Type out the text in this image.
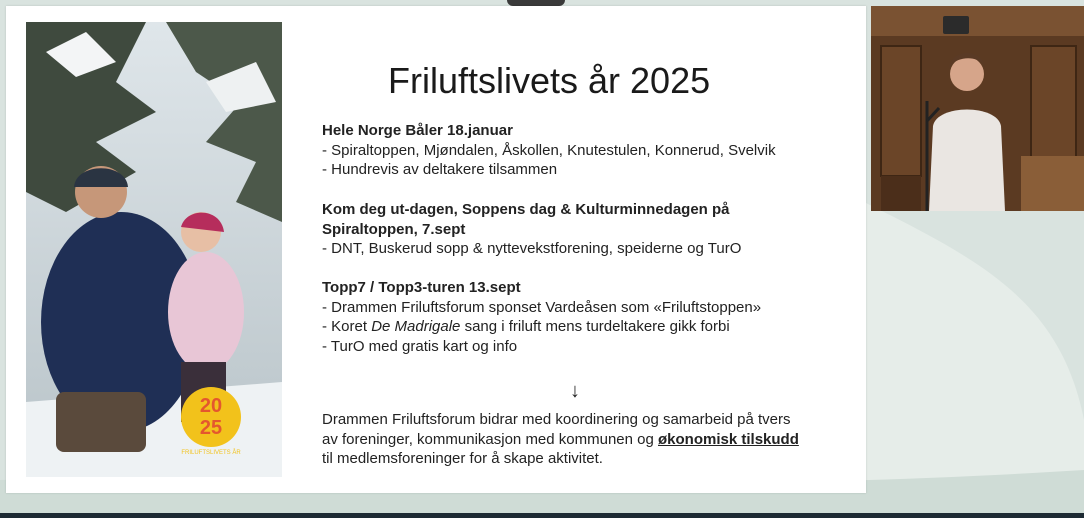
20
25
FRILUFTSLIVETS ÅR
Friluftslivets år 2025
Hele Norge Båler 18.januar
- Spiraltoppen, Mjøndalen, Åskollen, Knutestulen, Konnerud, Svelvik
- Hundrevis av deltakere tilsammen
Kom deg ut-dagen, Soppens dag & Kulturminnedagen på
Spiraltoppen, 7.sept
- DNT, Buskerud sopp & nyttevekstforening, speiderne og TurO
Topp7 / Topp3-turen 13.sept
- Drammen Friluftsforum sponset Vardeåsen som «Friluftstoppen»
- Koret De Madrigale sang i friluft mens turdeltakere gikk forbi
- TurO med gratis kart og info
↓
Drammen Friluftsforum bidrar med koordinering og samarbeid på tvers
av foreninger, kommunikasjon med kommunen og økonomisk tilskudd
til medlemsforeninger for å skape aktivitet.
